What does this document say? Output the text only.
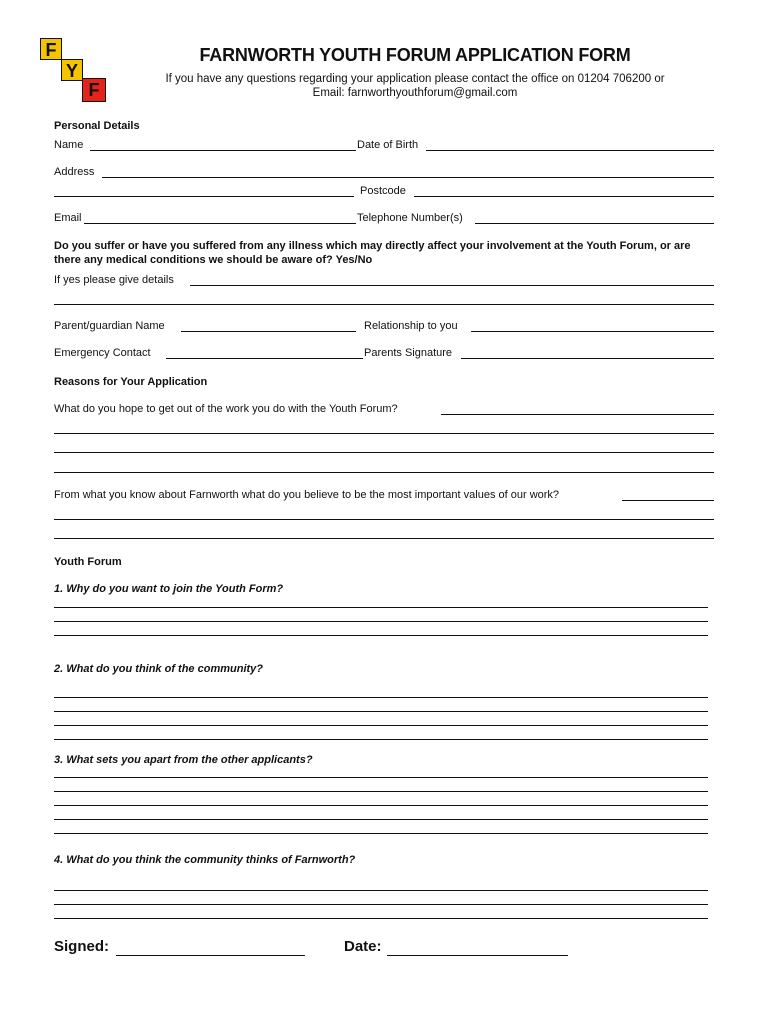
F
Y
F
FARNWORTH YOUTH FORUM APPLICATION FORM
If you have any questions regarding your application please contact the office on 01204 706200 or
Email: farnworthyouthforum@gmail.com
Personal Details
Name	Date of Birth
Address
Postcode
Email	Telephone Number(s)
Do you suffer or have you suffered from any illness which may directly affect your involvement at the Youth Forum, or are there any medical conditions we should be aware of? Yes/No
If yes please give details
Parent/guardian Name	Relationship to you
Emergency Contact	Parents Signature
Reasons for Your Application
What do you hope to get out of the work you do with the Youth Forum?
From what you know about Farnworth what do you believe to be the most important values of our work?
Youth Forum
1. Why do you want to join the Youth Form?
2. What do you think of the community?
3. What sets you apart from the other applicants?
4. What do you think the community thinks of Farnworth?
Signed:	Date:
